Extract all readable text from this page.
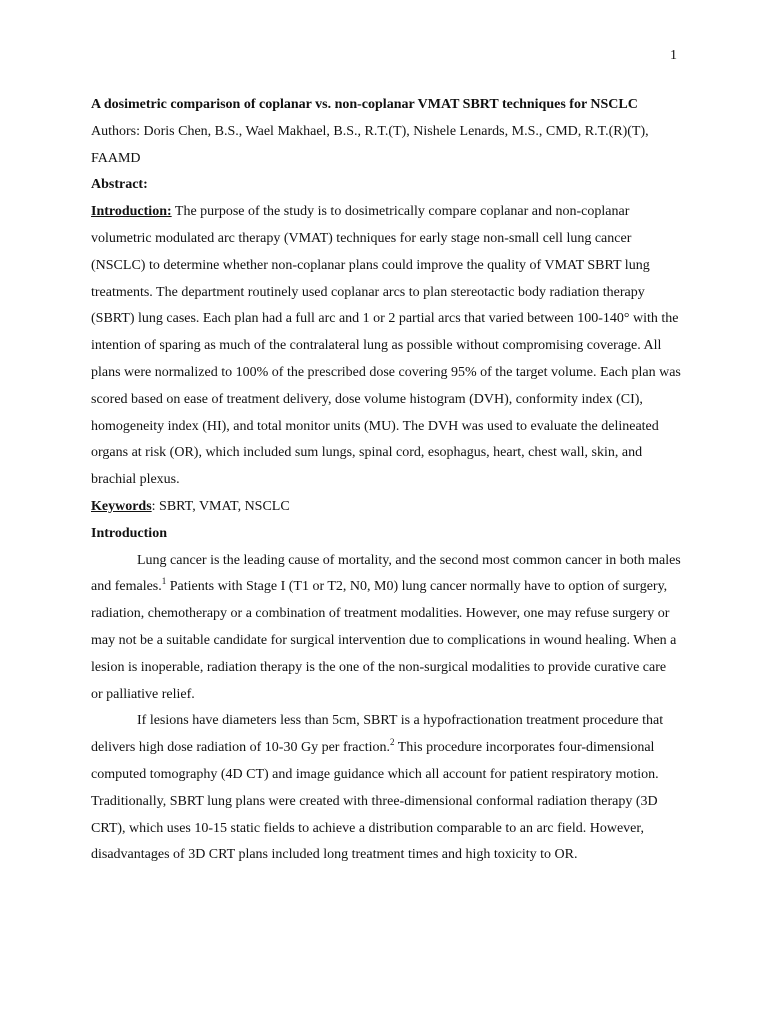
1

A dosimetric comparison of coplanar vs. non-coplanar VMAT SBRT techniques for NSCLC

Authors: Doris Chen, B.S., Wael Makhael, B.S., R.T.(T), Nishele Lenards, M.S., CMD, R.T.(R)(T), FAAMD

Abstract:

Introduction: The purpose of the study is to dosimetrically compare coplanar and non-coplanar volumetric modulated arc therapy (VMAT) techniques for early stage non-small cell lung cancer (NSCLC) to determine whether non-coplanar plans could improve the quality of VMAT SBRT lung treatments. The department routinely used coplanar arcs to plan stereotactic body radiation therapy (SBRT) lung cases. Each plan had a full arc and 1 or 2 partial arcs that varied between 100-140° with the intention of sparing as much of the contralateral lung as possible without compromising coverage. All plans were normalized to 100% of the prescribed dose covering 95% of the target volume. Each plan was scored based on ease of treatment delivery, dose volume histogram (DVH), conformity index (CI), homogeneity index (HI), and total monitor units (MU). The DVH was used to evaluate the delineated organs at risk (OR), which included sum lungs, spinal cord, esophagus, heart, chest wall, skin, and brachial plexus.

Keywords: SBRT, VMAT, NSCLC

Introduction

Lung cancer is the leading cause of mortality, and the second most common cancer in both males and females.$^1$ Patients with Stage I (T1 or T2, N0, M0) lung cancer normally have to option of surgery, radiation, chemotherapy or a combination of treatment modalities. However, one may refuse surgery or may not be a suitable candidate for surgical intervention due to complications in wound healing. When a lesion is inoperable, radiation therapy is the one of the non-surgical modalities to provide curative care or palliative relief.

If lesions have diameters less than 5cm, SBRT is a hypofractionation treatment procedure that delivers high dose radiation of 10-30 Gy per fraction.$^2$ This procedure incorporates four-dimensional computed tomography (4D CT) and image guidance which all account for patient respiratory motion. Traditionally, SBRT lung plans were created with three-dimensional conformal radiation therapy (3D CRT), which uses 10-15 static fields to achieve a distribution comparable to an arc field. However, disadvantages of 3D CRT plans included long treatment times and high toxicity to OR.
